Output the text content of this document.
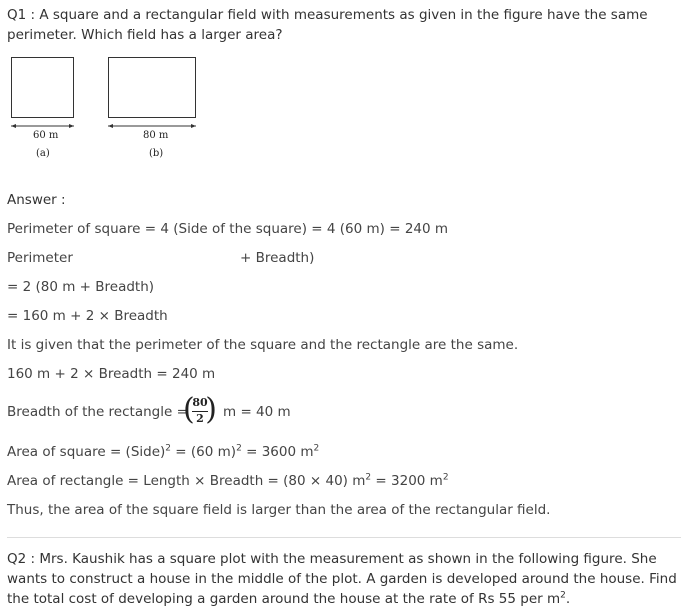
Q1 : A square and a rectangular field with measurements as given in the figure have the same perimeter. Which field has a larger area?
60 m
(a)
80 m
(b)
Answer :
Perimeter of square = 4 (Side of the square) = 4 (60 m) = 240 m
Perimeter	+ Breadth)
= 2 (80 m + Breadth)
= 160 m + 2 × Breadth
It is given that the perimeter of the square and the rectangle are the same.
160 m + 2 × Breadth = 240 m
Breadth of the rectangle =
(
80
2 ) m = 40 m
Area of square = (Side)$^2$ = (60 m)$^2$ = 3600 $m^2$
Area of rectangle = Length × Breadth = (80 × 40) $m^2 = 3200$ $m^2$
Thus, the area of the square field is larger than the area of the rectangular field.
Q2 : Mrs. Kaushik has a square plot with the measurement as shown in the following figure. She wants to construct a house in the middle of the plot. A garden is developed around the house. Find the total cost of developing a garden around the house at the rate of Rs 55 per $m^2$.
